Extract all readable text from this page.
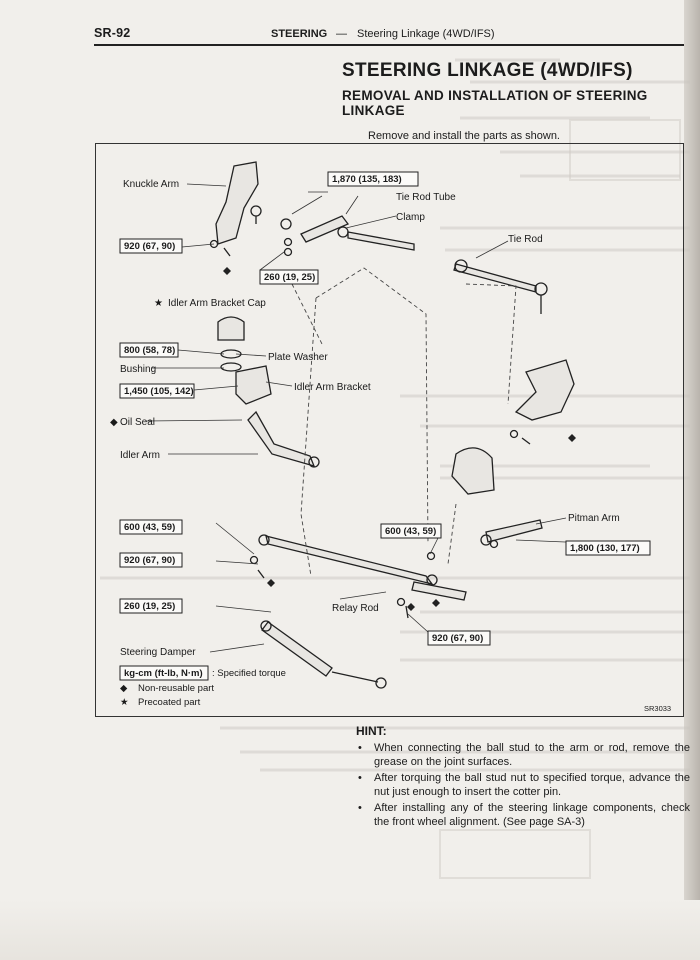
SR-92	STEERING — Steering Linkage (4WD/IFS)
STEERING LINKAGE (4WD/IFS)
REMOVAL AND INSTALLATION OF STEERING LINKAGE
Remove and install the parts as shown.
1,870 (135, 183)
920 (67, 90)
260 (19, 25)
800 (58, 78)
1,450 (105, 142)
600 (43, 59)
920 (67, 90)
260 (19, 25)
600 (43, 59)
1,800 (130, 177)
920 (67, 90)
Knuckle Arm
Tie Rod Tube
Clamp
Tie Rod
★ Idler Arm Bracket Cap
Plate Washer
Bushing
Idler Arm Bracket
◆ Oil Seal
Idler Arm
Pitman Arm
Relay Rod
Steering Damper
kg-cm (ft-lb, N·m) : Specified torque
◆ Non-reusable part
★ Precoated part
SR3033
HINT:
• When connecting the ball stud to the arm or rod, remove the grease on the joint surfaces.
• After torquing the ball stud nut to specified torque, advance the nut just enough to insert the cotter pin.
• After installing any of the steering linkage components, check the front wheel alignment. (See page SA-3)
